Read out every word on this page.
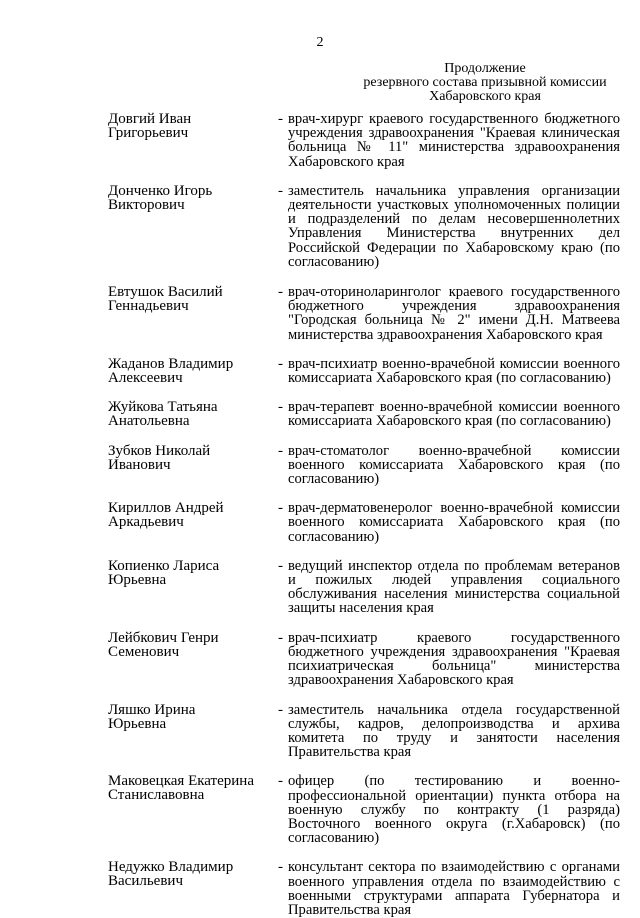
2
Продолжение
резервного состава призывной комиссии
Хабаровского края
Довгий Иван
Григорьевич
- врач-хирург краевого государственного бюджетного учреждения здравоохранения "Краевая клиническая больница № 11" министерства здравоохранения Хабаровского края
Донченко Игорь
Викторович
- заместитель начальника управления организации деятельности участковых уполномоченных полиции и подразделений по делам несовершеннолетних Управления Министерства внутренних дел Российской Федерации по Хабаровскому краю (по согласованию)
Евтушок Василий
Геннадьевич
- врач-оториноларинголог краевого государственного бюджетного учреждения здравоохранения "Городская больница № 2" имени Д.Н. Матвеева министерства здравоохранения Хабаровского края
Жаданов Владимир
Алексеевич
- врач-психиатр военно-врачебной комиссии военного комиссариата Хабаровского края (по согласованию)
Жуйкова Татьяна
Анатольевна
- врач-терапевт военно-врачебной комиссии военного комиссариата Хабаровского края (по согласованию)
Зубков Николай
Иванович
- врач-стоматолог военно-врачебной комиссии военного комиссариата Хабаровского края (по согласованию)
Кириллов Андрей
Аркадьевич
- врач-дерматовенеролог военно-врачебной комиссии военного комиссариата Хабаровского края (по согласованию)
Копиенко Лариса
Юрьевна
- ведущий инспектор отдела по проблемам ветеранов и пожилых людей управления социального обслуживания населения министерства социальной защиты населения края
Лейбкович Генри
Семенович
- врач-психиатр краевого государственного бюджетного учреждения здравоохранения "Краевая психиатрическая больница" министерства здравоохранения Хабаровского края
Ляшко Ирина
Юрьевна
- заместитель начальника отдела государственной службы, кадров, делопроизводства и архива комитета по труду и занятости населения Правительства края
Маковецкая Екатерина
Станиславовна
- офицер (по тестированию и военно-профессиональной ориентации) пункта отбора на военную службу по контракту (1 разряда) Восточного военного округа (г.Хабаровск) (по согласованию)
Недужко Владимир
Васильевич
- консультант сектора по взаимодействию с органами военного управления отдела по взаимодействию с военными структурами аппарата Губернатора и Правительства края
